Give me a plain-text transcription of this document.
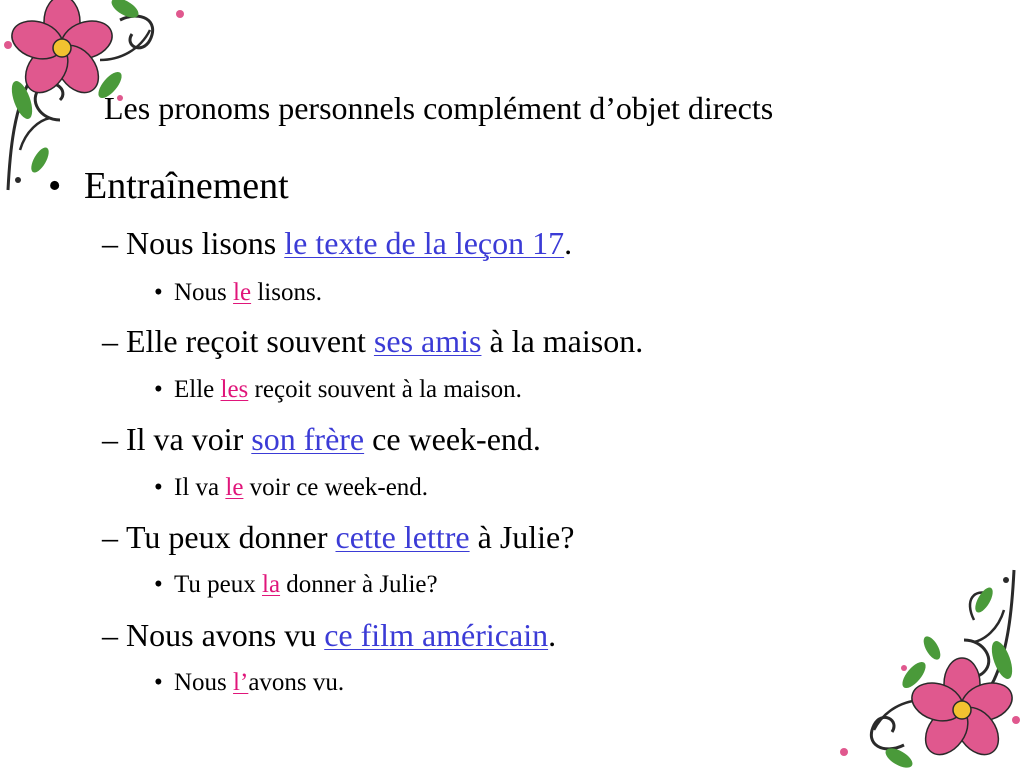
Les pronoms personnels complément d’objet directs
• Entraînement
– Nous lisons le texte de la leçon 17.
• Nous le lisons.
– Elle reçoit souvent ses amis à la maison.
• Elle les reçoit souvent à la maison.
– Il va voir son frère ce week-end.
• Il va le voir ce week-end.
– Tu peux donner cette lettre à Julie?
• Tu peux la donner à Julie?
– Nous avons vu ce film américain.
• Nous l’avons vu.
